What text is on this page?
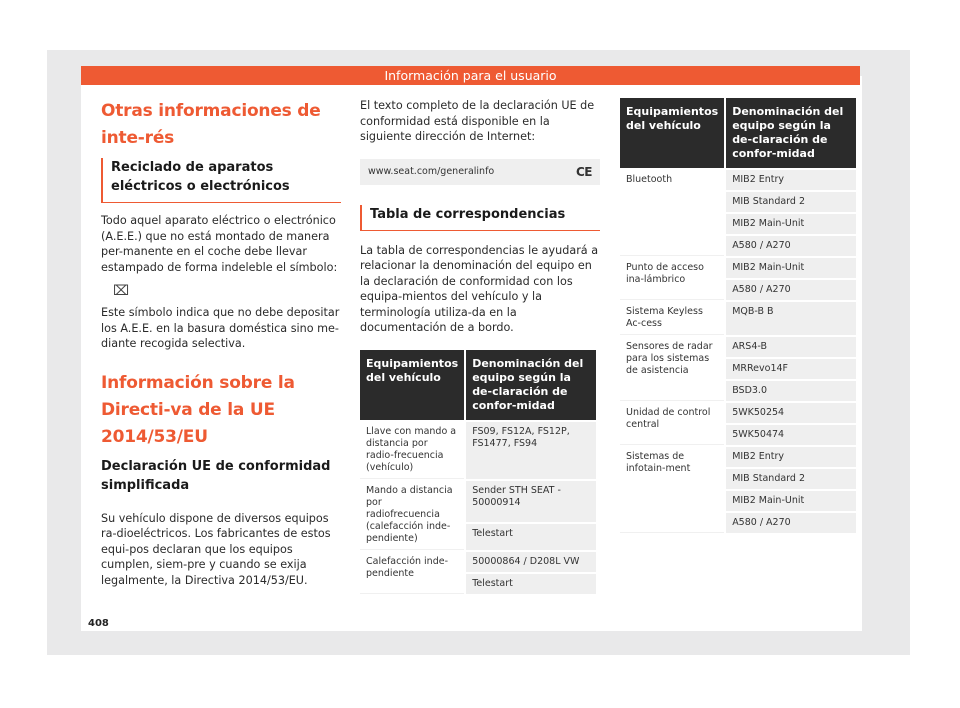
Información para el usuario
Otras informaciones de inte-rés
Reciclado de aparatos eléctricos o electrónicos

Todo aquel aparato eléctrico o electrónico (A.E.E.) que no está montado de manera per-manente en el coche debe llevar estampado de forma indeleble el símbolo:

⌧

Este símbolo indica que no debe depositar los A.E.E. en la basura doméstica sino me-diante recogida selectiva.

Información sobre la Directi-va de la UE 2014/53/EU
Declaración UE de conformidad simplificada

Su vehículo dispone de diversos equipos ra-dioeléctricos. Los fabricantes de estos equi-pos declaran que los equipos cumplen, siem-pre y cuando se exija legalmente, la Directiva 2014/53/EU.

El texto completo de la declaración UE de conformidad está disponible en la siguiente dirección de Internet:

www.seat.com/generalinfo	CE
Tabla de correspondencias

La tabla de correspondencias le ayudará a relacionar la denominación del equipo en la declaración de conformidad con los equipa-mientos del vehículo y la terminología utiliza-da en la documentación de a bordo.

Equipamientos del vehículo	Denominación del equipo según la de-claración de confor-midad
Llave con mando a distancia por radio-frecuencia (vehículo)	FS09, FS12A, FS12P, FS1477, FS94
Mando a distancia por radiofrecuencia (calefacción inde-pendiente)	Sender STH SEAT - 50000914
	Telestart
Calefacción inde-pendiente	50000864 / D208L VW
	Telestart
Equipamientos del vehículo	Denominación del equipo según la de-claración de confor-midad
Bluetooth	MIB2 Entry
	MIB Standard 2
	MIB2 Main-Unit
	A580 / A270
Punto de acceso ina-lámbrico	MIB2 Main-Unit
	A580 / A270
Sistema Keyless Ac-cess	MQB-B B
Sensores de radar para los sistemas de asistencia	ARS4-B
	MRRevo14F
	BSD3.0
Unidad de control central	5WK50254
	5WK50474
Sistemas de infotain-ment	MIB2 Entry
	MIB Standard 2
	MIB2 Main-Unit
	A580 / A270
408
